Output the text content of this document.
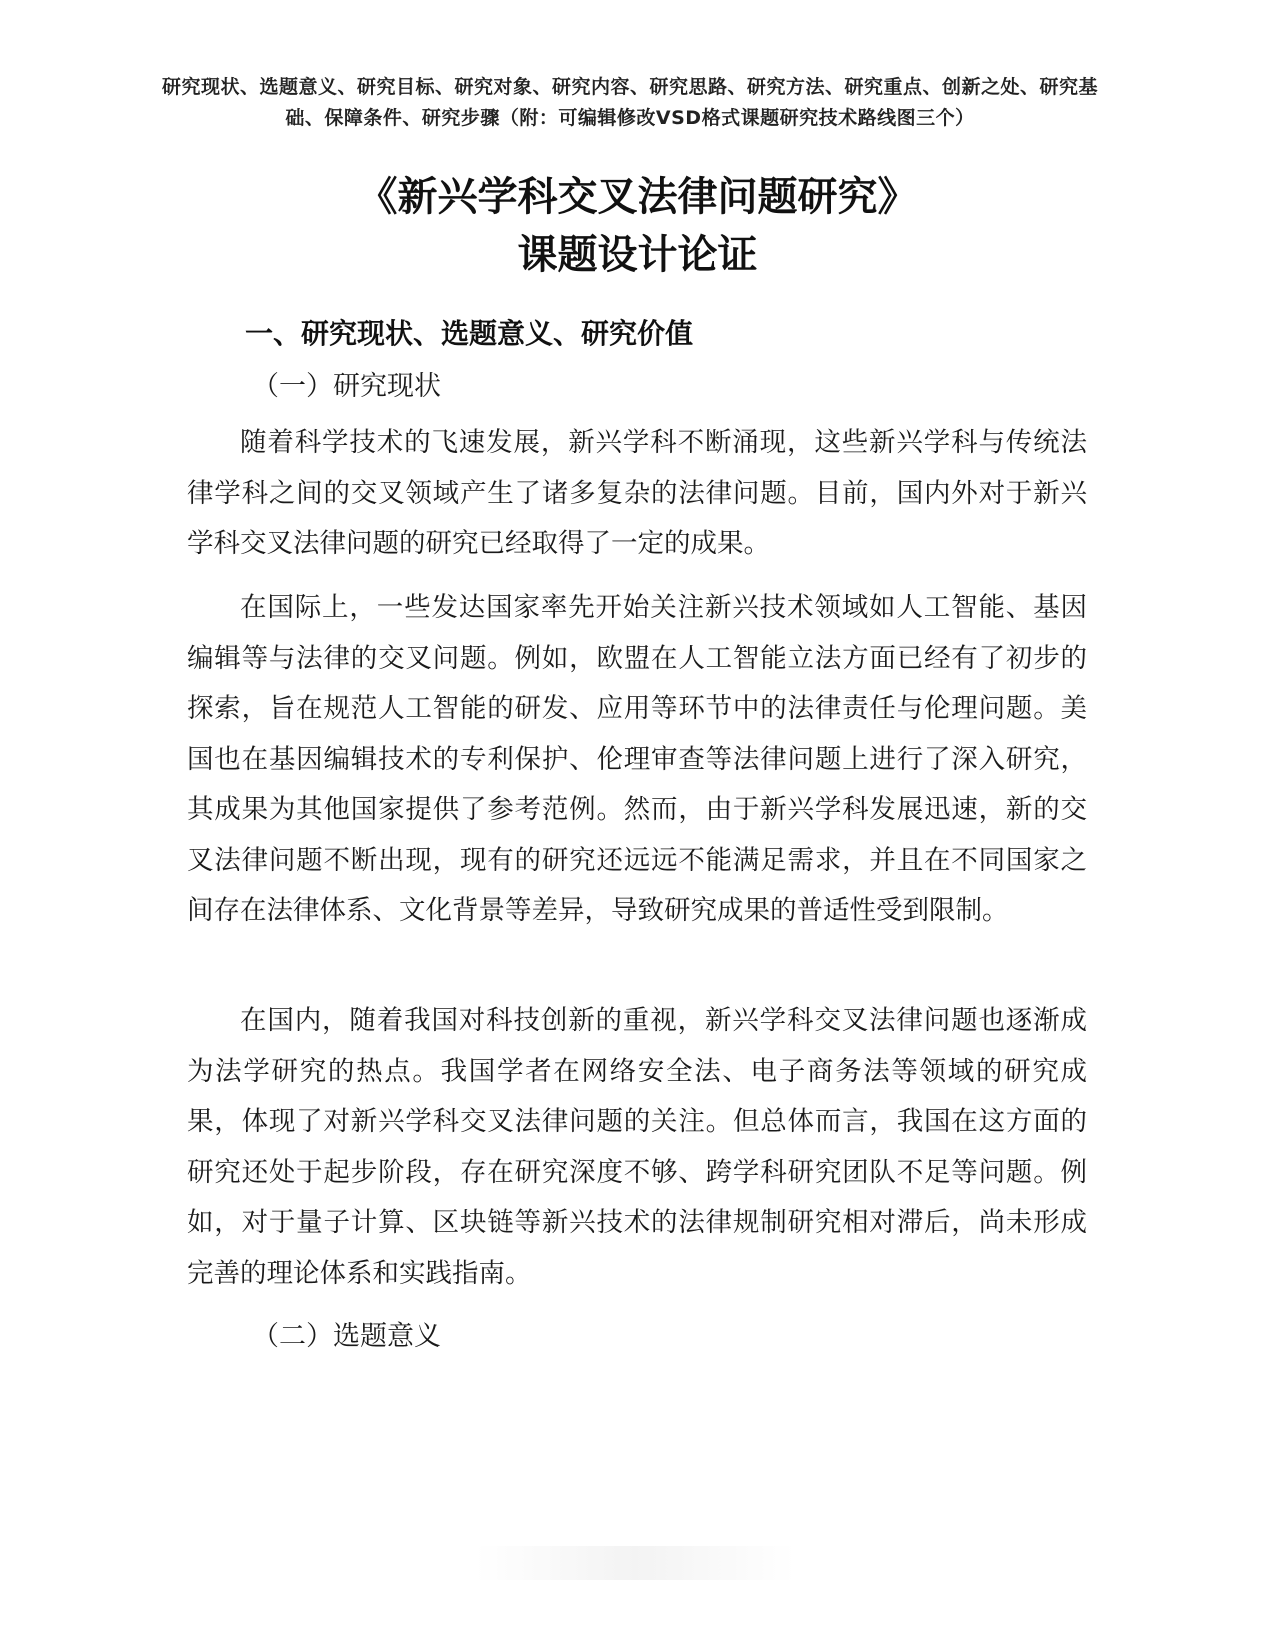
研究现状、选题意义、研究目标、研究对象、研究内容、研究思路、研究方法、研究重点、创新之处、研究基础、保障条件、研究步骤（附：可编辑修改VSD格式课题研究技术路线图三个）
《新兴学科交叉法律问题研究》
课题设计论证
一、研究现状、选题意义、研究价值
（一）研究现状

随着科学技术的飞速发展，新兴学科不断涌现，这些新兴学科与传统法律学科之间的交叉领域产生了诸多复杂的法律问题。目前，国内外对于新兴学科交叉法律问题的研究已经取得了一定的成果。

在国际上，一些发达国家率先开始关注新兴技术领域如人工智能、基因编辑等与法律的交叉问题。例如，欧盟在人工智能立法方面已经有了初步的探索，旨在规范人工智能的研发、应用等环节中的法律责任与伦理问题。美国也在基因编辑技术的专利保护、伦理审查等法律问题上进行了深入研究，其成果为其他国家提供了参考范例。然而，由于新兴学科发展迅速，新的交叉法律问题不断出现，现有的研究还远远不能满足需求，并且在不同国家之间存在法律体系、文化背景等差异，导致研究成果的普适性受到限制。

在国内，随着我国对科技创新的重视，新兴学科交叉法律问题也逐渐成为法学研究的热点。我国学者在网络安全法、电子商务法等领域的研究成果，体现了对新兴学科交叉法律问题的关注。但总体而言，我国在这方面的研究还处于起步阶段，存在研究深度不够、跨学科研究团队不足等问题。例如，对于量子计算、区块链等新兴技术的法律规制研究相对滞后，尚未形成完善的理论体系和实践指南。

（二）选题意义
